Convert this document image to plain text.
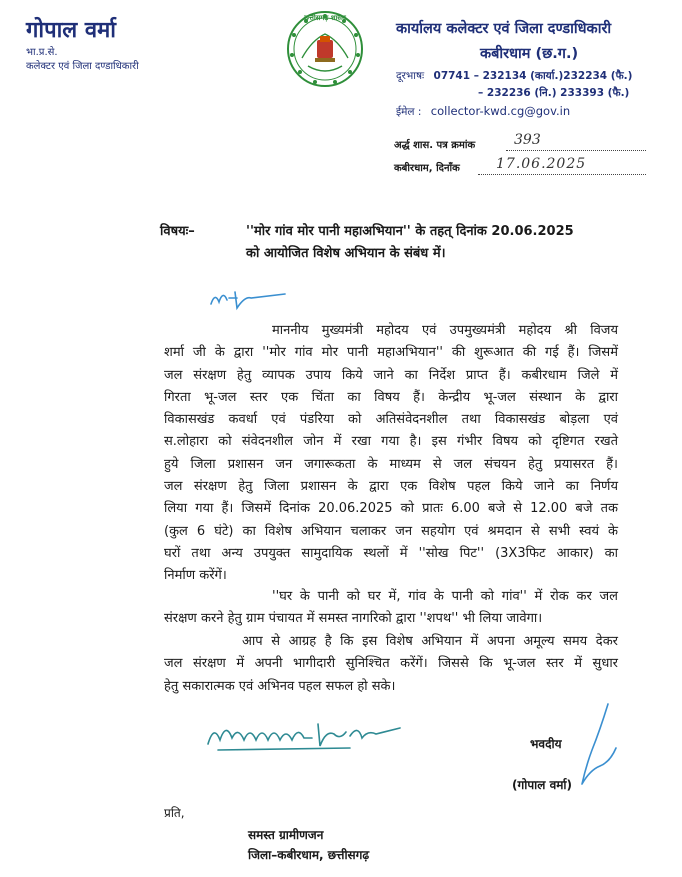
गोपाल वर्मा
भा.प्र.से.
कलेक्टर एवं जिला दण्डाधिकारी
छत्तीसगढ़ शासन
कार्यालय कलेक्टर एवं जिला दण्डाधिकारी
कबीरधाम (छ.ग.)
दूरभाषः 07741 – 232134 (कार्या.)232234 (फै.)
– 232236 (नि.) 233393 (फै.)
ईमेल : collector-kwd.cg@gov.in
अर्द्ध शास. पत्र क्रमांक	393
कबीरधाम, दिनाँक	17.06.2025
विषयः–	''मोर गांव मोर पानी महाअभियान'' के तहत् दिनांक 20.06.2025
को आयोजित विशेष अभियान के संबंध में।
माननीय मुख्यमंत्री महोदय एवं उपमुख्यमंत्री महोदय श्री विजय
शर्मा जी के द्वारा ''मोर गांव मोर पानी महाअभियान'' की शुरूआत की गई हैं। जिसमें
जल संरक्षण हेतु व्यापक उपाय किये जाने का निर्देश प्राप्त हैं। कबीरधाम जिले में
गिरता भू-जल स्तर एक चिंता का विषय हैं। केन्द्रीय भू-जल संस्थान के द्वारा
विकासखंड कवर्धा एवं पंडरिया को अतिसंवेदनशील तथा विकासखंड बोड़ला एवं
स.लोहारा को संवेदनशील जोन में रखा गया है। इस गंभीर विषय को दृष्टिगत रखते
हुये जिला प्रशासन जन जगारूकता के माध्यम से जल संचयन हेतु प्रयासरत हैं।
जल संरक्षण हेतु जिला प्रशासन के द्वारा एक विशेष पहल किये जाने का निर्णय
लिया गया हैं। जिसमें दिनांक 20.06.2025 को प्रातः 6.00 बजे से 12.00 बजे तक
(कुल 6 घंटे) का विशेष अभियान चलाकर जन सहयोग एवं श्रमदान से सभी स्वयं के
घरों तथा अन्य उपयुक्त सामुदायिक स्थलों में ''सोख पिट'' (3X3फिट आकार) का
निर्माण करेंगें।
''घर के पानी को घर में, गांव के पानी को गांव'' में रोक कर जल
संरक्षण करने हेतु ग्राम पंचायत में समस्त नागरिको द्वारा ''शपथ'' भी लिया जावेगा।
आप से आग्रह है कि इस विशेष अभियान में अपना अमूल्य समय देकर
जल संरक्षण में अपनी भागीदारी सुनिश्चित करेंगें। जिससे कि भू-जल स्तर में सुधार
हेतु सकारात्मक एवं अभिनव पहल सफल हो सके।
भवदीय
(गोपाल वर्मा)
प्रति,
समस्त ग्रामीणजन
जिला–कबीरधाम, छत्तीसगढ़
